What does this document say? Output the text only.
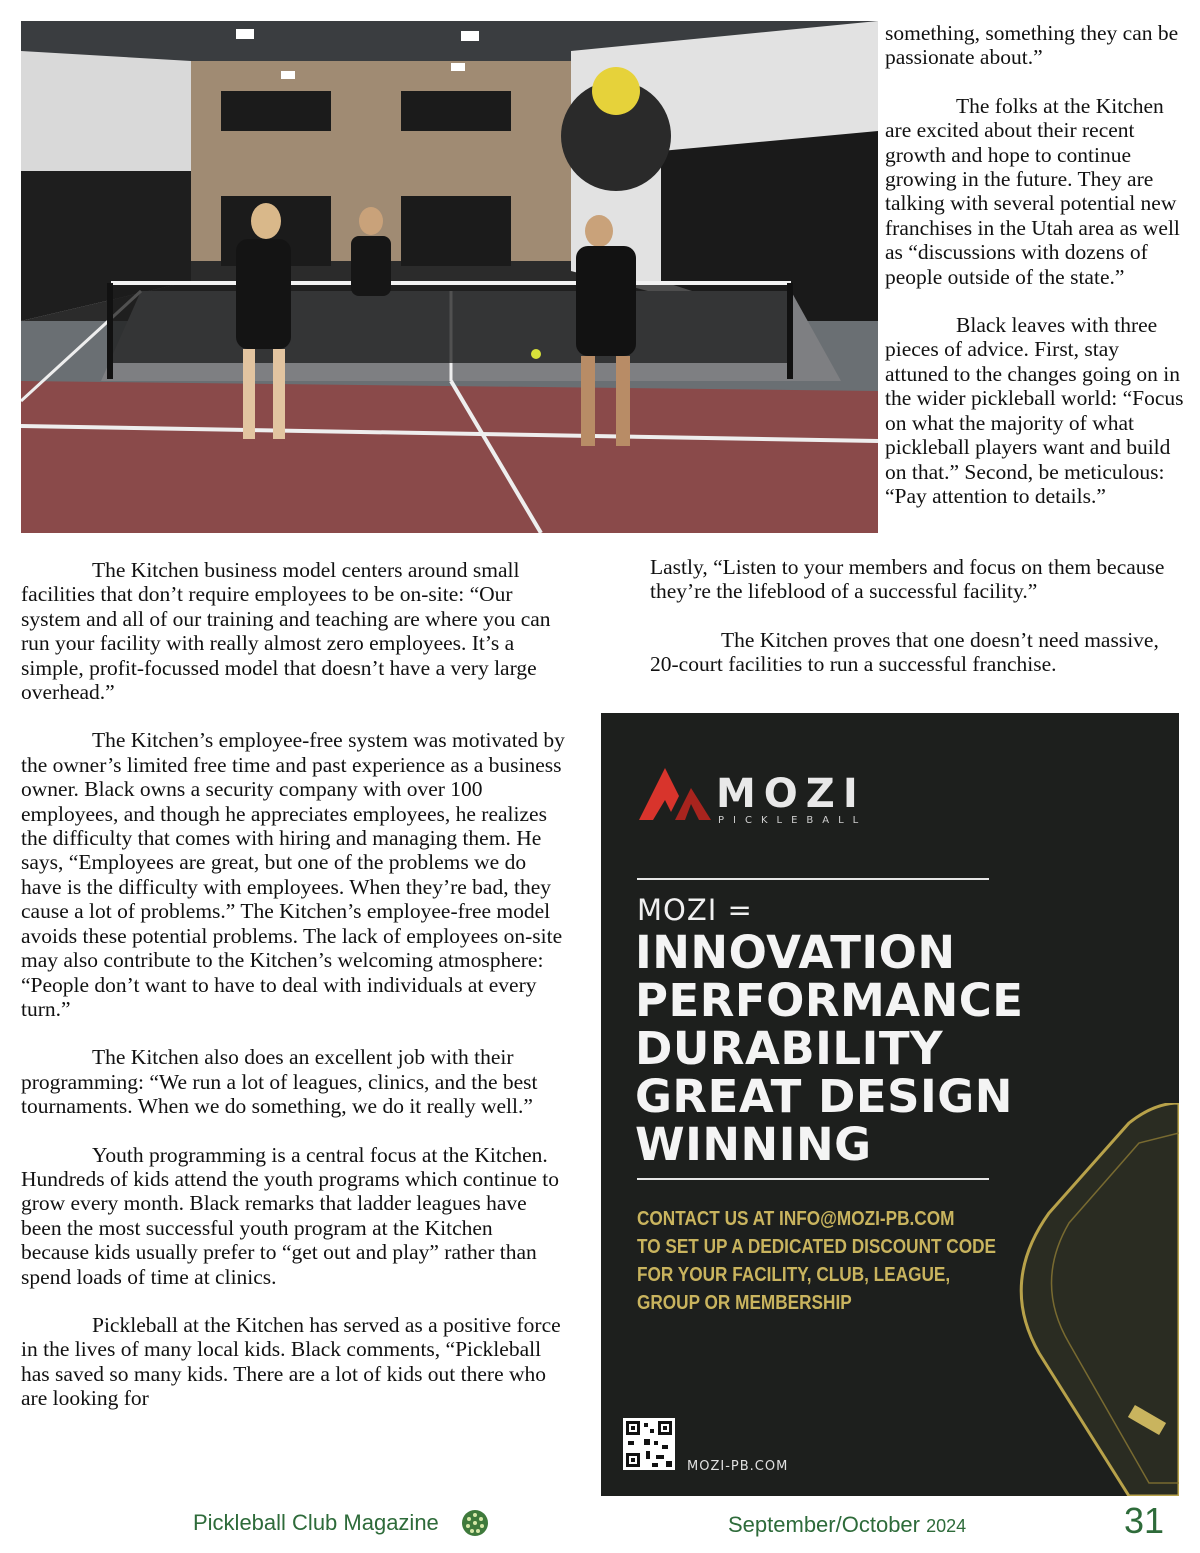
something, something they can be passionate about.”

The folks at the Kitchen are excited about their recent growth and hope to continue growing in the future. They are talking with several potential new franchises in the Utah area as well as “discussions with dozens of people outside of the state.”

Black leaves with three pieces of advice. First, stay attuned to the changes going on in the wider pickleball world: “Focus on what the majority of what pickleball players want and build on that.” Second, be meticulous: “Pay attention to details.”

The Kitchen business model centers around small facilities that don’t require employees to be on-site: “Our system and all of our training and teaching are where you can run your facility with really almost zero employees. It’s a simple, profit-focussed model that doesn’t have a very large overhead.”

The Kitchen’s employee-free system was motivated by the owner’s limited free time and past experience as a business owner. Black owns a security company with over 100 employees, and though he appreciates employees, he realizes the difficulty that comes with hiring and managing them. He says, “Employees are great, but one of the problems we do have is the difficulty with employees. When they’re bad, they cause a lot of problems.” The Kitchen’s employee-free model avoids these potential problems. The lack of employees on-site may also contribute to the Kitchen’s welcoming atmosphere: “People don’t want to have to deal with individuals at every turn.”

The Kitchen also does an excellent job with their programming: “We run a lot of leagues, clinics, and the best tournaments. When we do something, we do it really well.”

Youth programming is a central focus at the Kitchen. Hundreds of kids attend the youth programs which continue to grow every month. Black remarks that ladder leagues have been the most successful youth program at the Kitchen because kids usually prefer to “get out and play” rather than spend loads of time at clinics.

Pickleball at the Kitchen has served as a positive force in the lives of many local kids. Black comments, “Pickleball has saved so many kids. There are a lot of kids out there who are looking for

Lastly, “Listen to your members and focus on them because they’re the lifeblood of a successful facility.”

The Kitchen proves that one doesn’t need massive, 20-court facilities to run a successful franchise.

MOZI
PICKLEBALL
MOZI =
INNOVATION
PERFORMANCE
DURABILITY
GREAT DESIGN
WINNING
CONTACT US AT INFO@MOZI-PB.COM
TO SET UP A DEDICATED DISCOUNT CODE
FOR YOUR FACILITY, CLUB, LEAGUE,
GROUP OR MEMBERSHIP
MOZI-PB.COM
Pickleball Club Magazine	September/October 2024	31
